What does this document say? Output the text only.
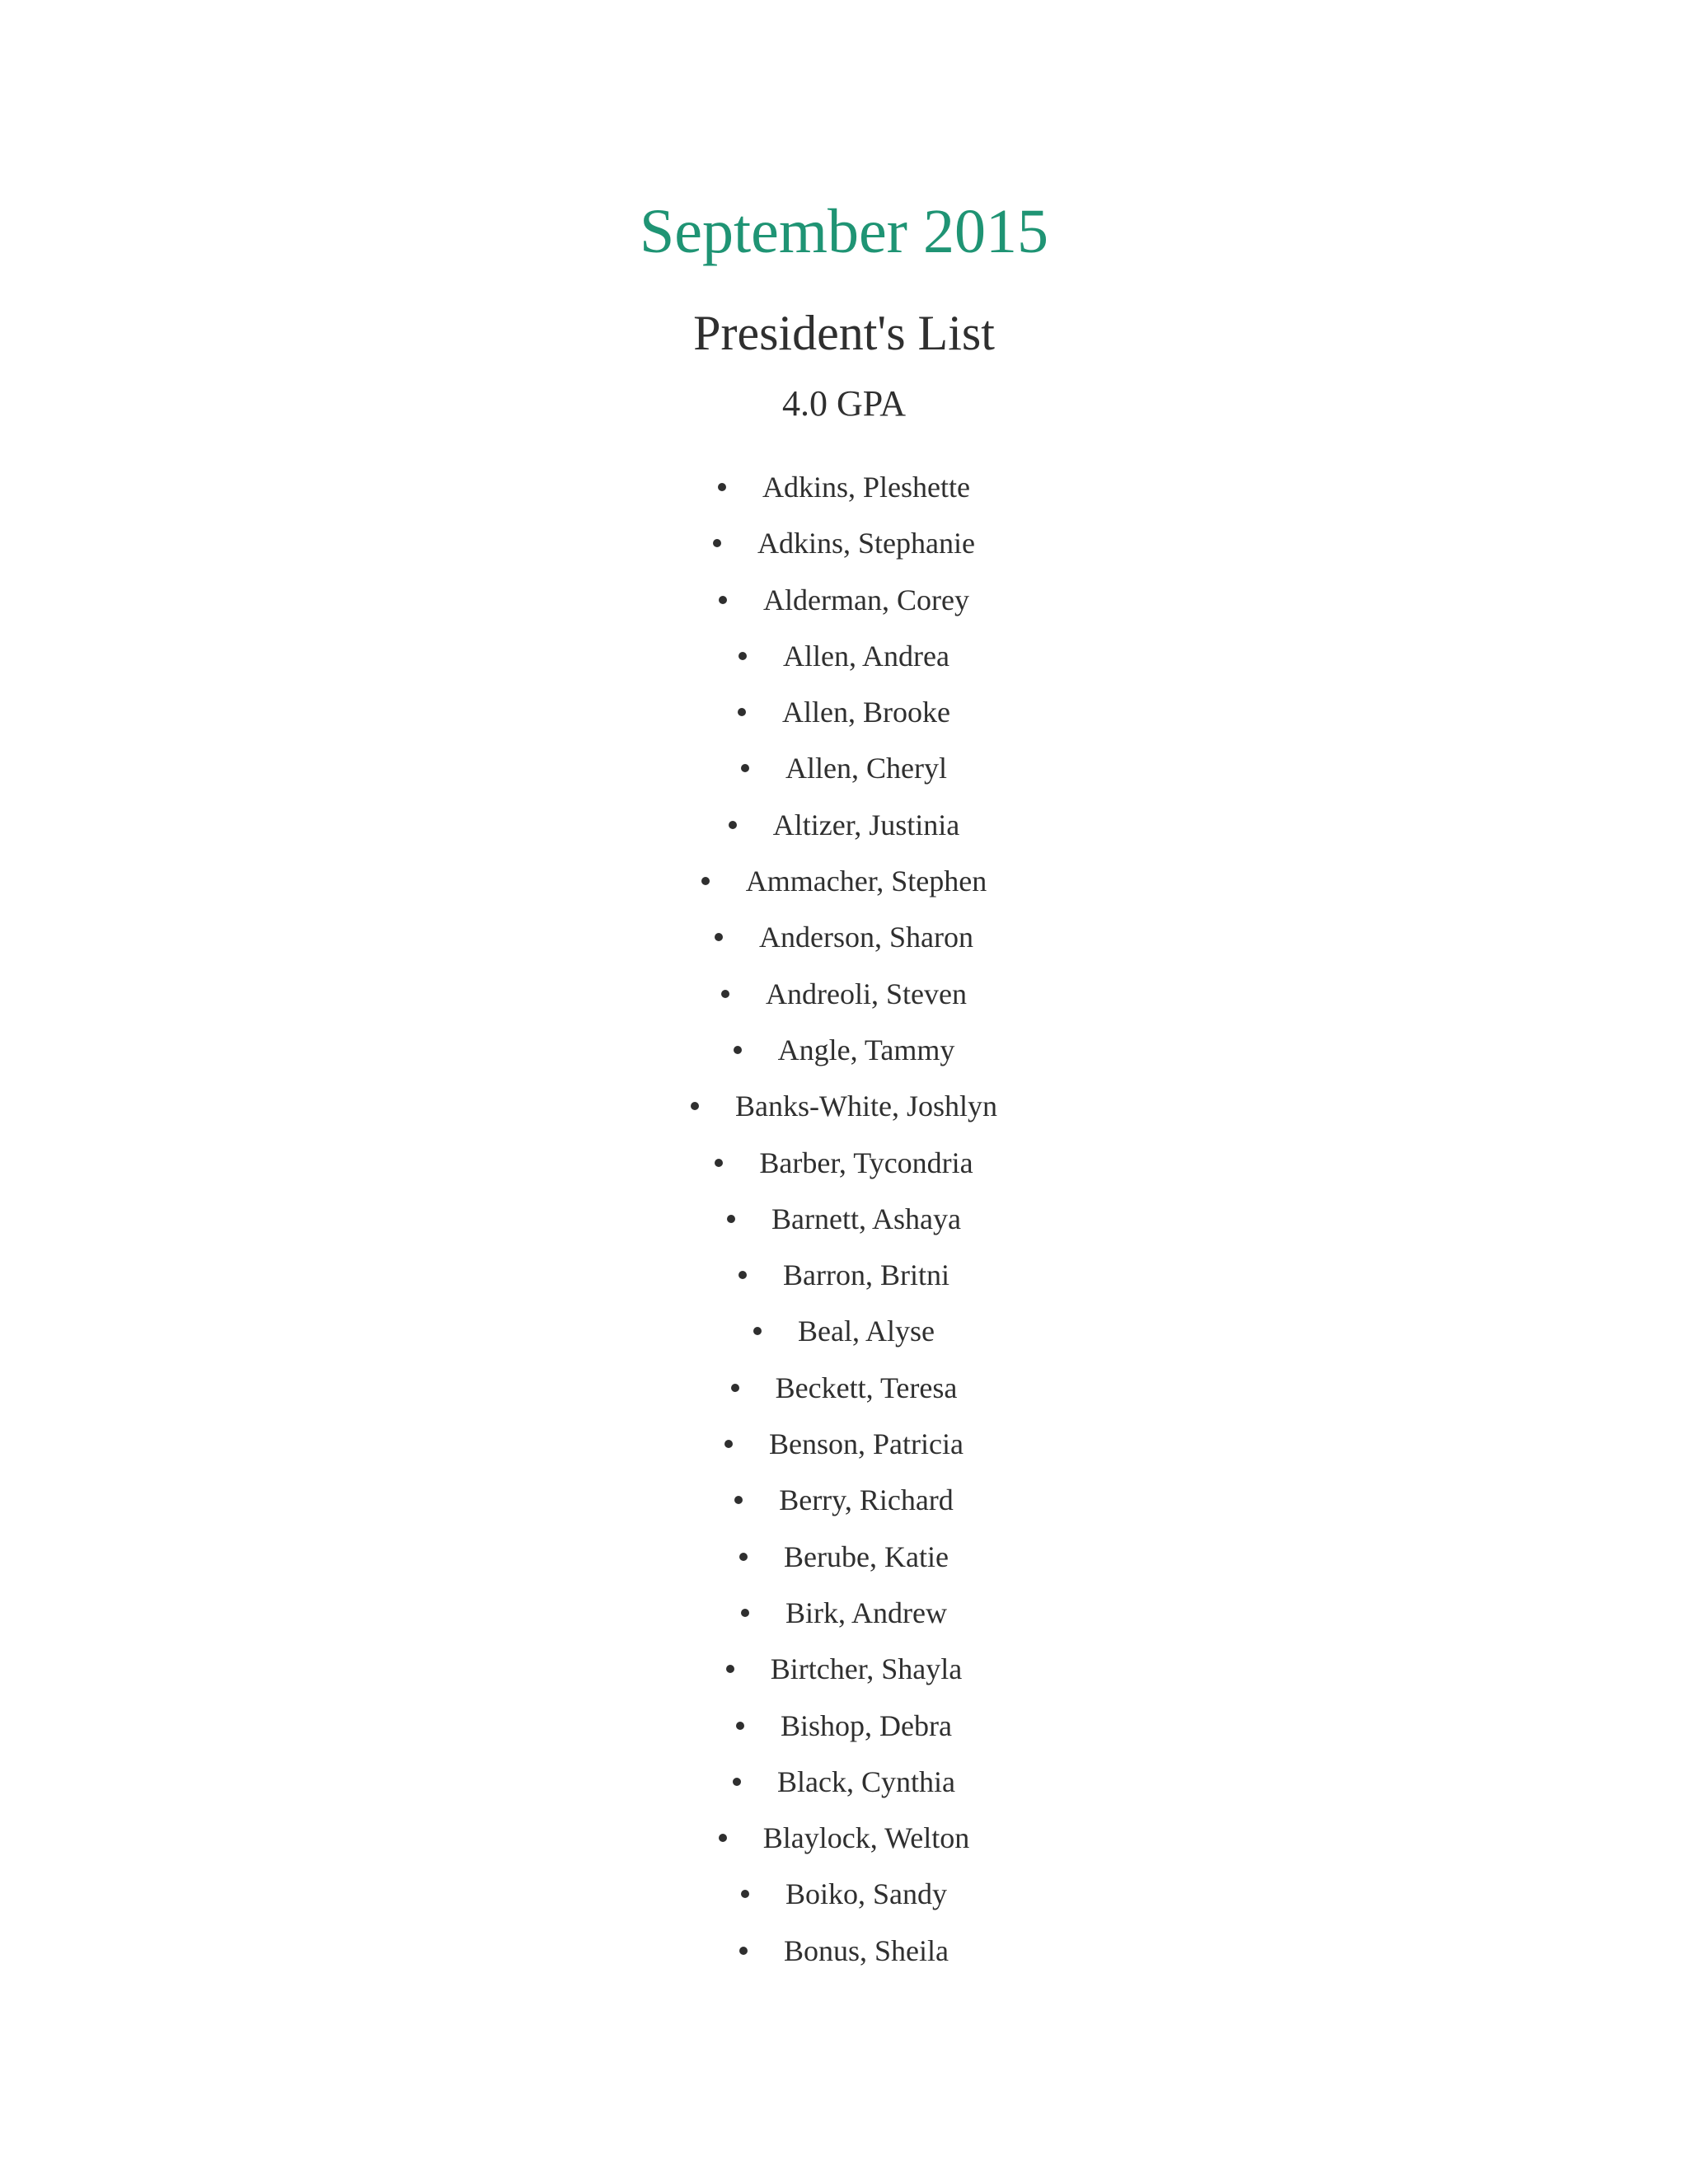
September 2015
President's List
4.0 GPA
Adkins, Pleshette
Adkins, Stephanie
Alderman, Corey
Allen, Andrea
Allen, Brooke
Allen, Cheryl
Altizer, Justinia
Ammacher, Stephen
Anderson, Sharon
Andreoli, Steven
Angle, Tammy
Banks-White, Joshlyn
Barber, Tycondria
Barnett, Ashaya
Barron, Britni
Beal, Alyse
Beckett, Teresa
Benson, Patricia
Berry, Richard
Berube, Katie
Birk, Andrew
Birtcher, Shayla
Bishop, Debra
Black, Cynthia
Blaylock, Welton
Boiko, Sandy
Bonus, Sheila
